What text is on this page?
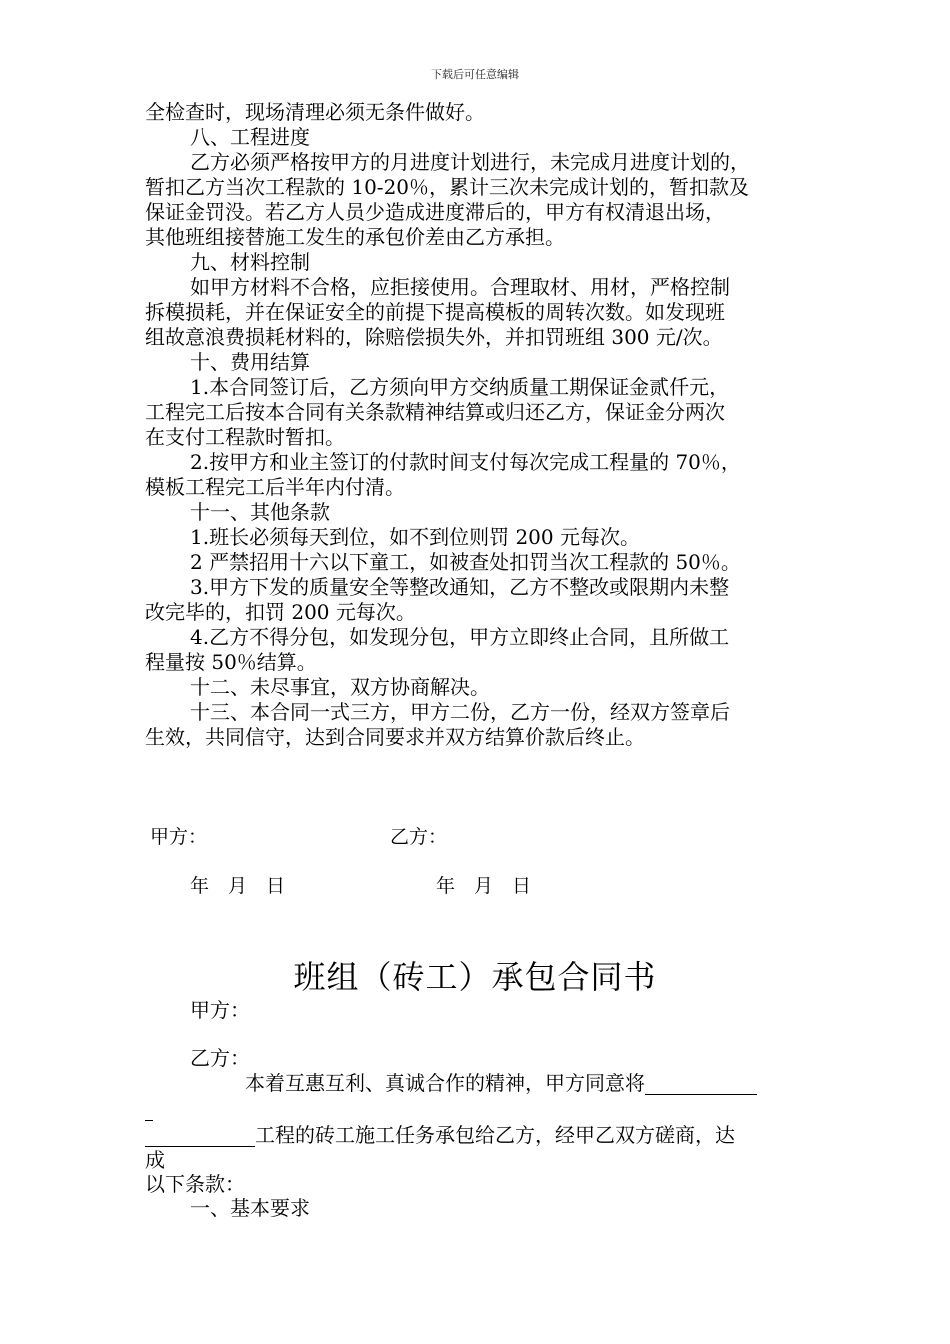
下载后可任意编辑
全检查时，现场清理必须无条件做好。
八、工程进度
乙方必须严格按甲方的月进度计划进行，未完成月进度计划的，
暂扣乙方当次工程款的 10-20％，累计三次未完成计划的，暂扣款及
保证金罚没。若乙方人员少造成进度滞后的，甲方有权清退出场，
其他班组接替施工发生的承包价差由乙方承担。
九、材料控制
如甲方材料不合格，应拒接使用。合理取材、用材，严格控制
拆模损耗，并在保证安全的前提下提高模板的周转次数。如发现班
组故意浪费损耗材料的，除赔偿损失外，并扣罚班组 300 元/次。
十、费用结算
1.本合同签订后，乙方须向甲方交纳质量工期保证金贰仟元，
工程完工后按本合同有关条款精神结算或归还乙方，保证金分两次
在支付工程款时暂扣。
2.按甲方和业主签订的付款时间支付每次完成工程量的 70％，
模板工程完工后半年内付清。
十一、其他条款
1.班长必须每天到位，如不到位则罚 200 元每次。
2 严禁招用十六以下童工，如被查处扣罚当次工程款的 50％。
3.甲方下发的质量安全等整改通知，乙方不整改或限期内未整
改完毕的，扣罚 200 元每次。
4.乙方不得分包，如发现分包，甲方立即终止合同，且所做工
程量按 50％结算。
十二、未尽事宜，双方协商解决。
十三、本合同一式三方，甲方二份，乙方一份，经双方签章后
生效，共同信守，达到合同要求并双方结算价款后终止。
甲方：	乙方：
年　月　日	年　月　日
班组（砖工）承包合同书
甲方：
乙方：
本着互惠互利、真诚合作的精神，甲方同意将
工程的砖工施工任务承包给乙方，经甲乙双方磋商，达
成
以下条款：
一、基本要求
